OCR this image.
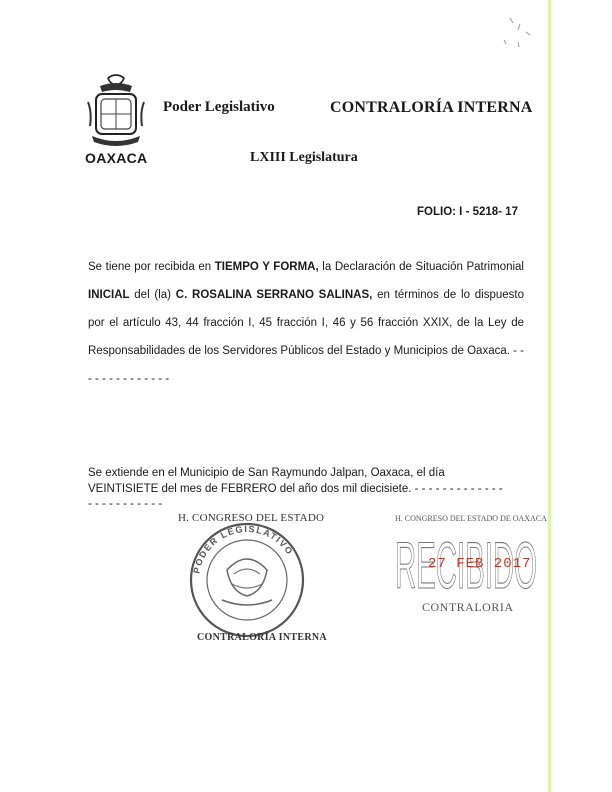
OAXACA
Poder Legislativo	CONTRALORÍA INTERNA
LXIII Legislatura
FOLIO: I - 5218- 17

Se tiene por recibida en TIEMPO Y FORMA, la Declaración de Situación Patrimonial INICIAL del (la) C. ROSALINA SERRANO SALINAS, en términos de lo dispuesto por el artículo 43, 44 fracción I, 45 fracción I, 46 y 56 fracción XXIX, de la Ley de Responsabilidades de los Servidores Públicos del Estado y Municipios de Oaxaca. - -- - - - - - - - - - - -

Se extiende en el Municipio de San Raymundo Jalpan, Oaxaca, el día
VEINTISIETE del mes de FEBRERO del año dos mil diecisiete. - - - - - - - - - - - - -
- - - - - - - - - - -
H. CONGRESO DEL ESTADO
PODER LEGISLATIVO
CONTRALORÍA INTERNA
H. CONGRESO DEL ESTADO DE OAXACA
RECIBIDO
27 FEB 2017
CONTRALORIA
